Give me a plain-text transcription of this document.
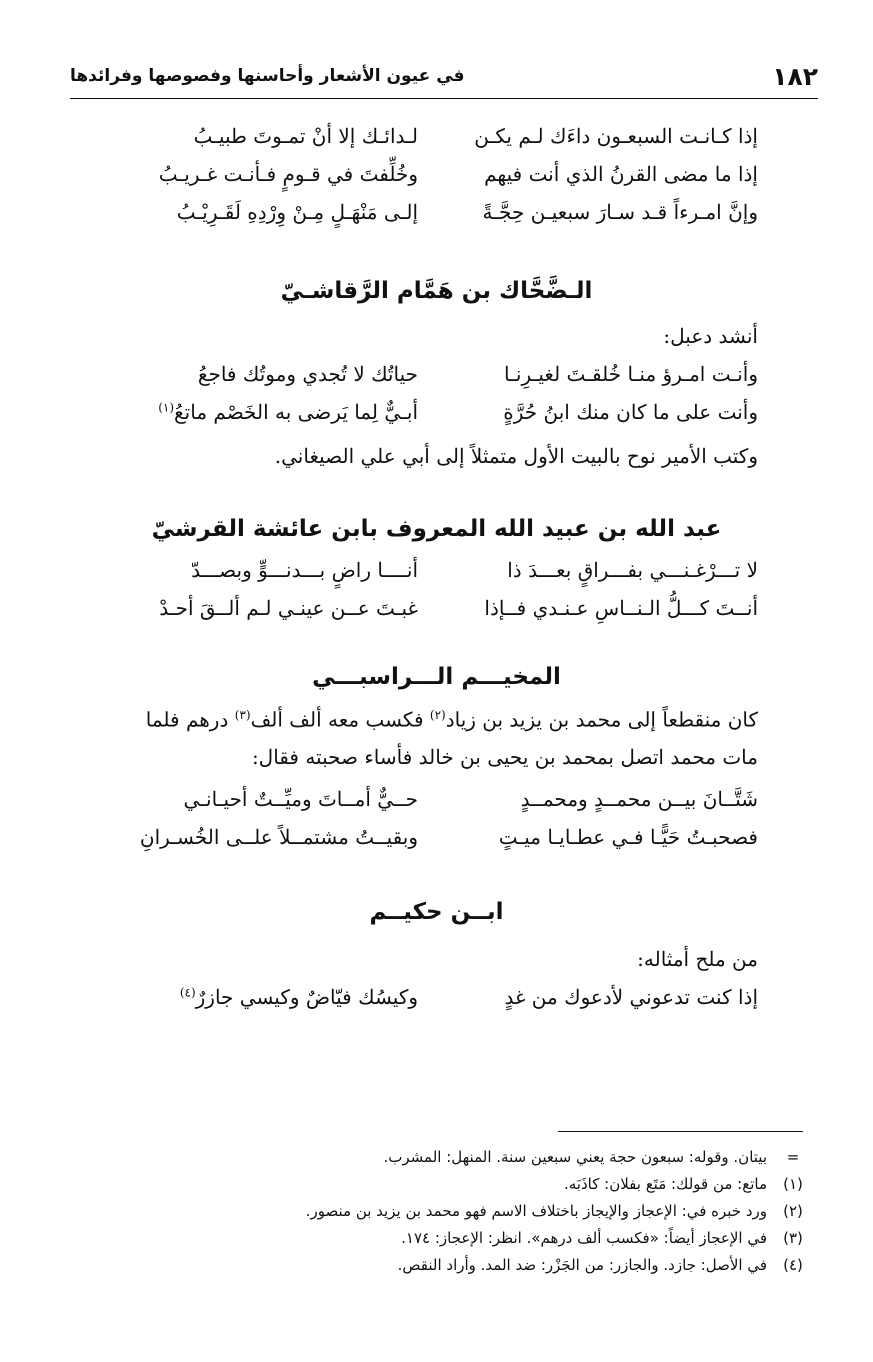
١٨٢
في عيون الأشعار وأحاسنها وفصوصها وفرائدها
إذا كـانـت السبعـون داءَك لـم يكـن
لـدائـك إلا أنْ تمـوتَ طبيـبُ
إذا ما مضى القرنُ الذي أنت فيهم
وخُلِّفتَ في قـومٍ فـأنـت غـريـبُ
وإنَّ امـرءاً قـد سـارَ سبعيـن حِجَّـةً
إلـى مَنْهَـلٍ مِـنْ وِرْدِهِ لَقَـرِيْـبُ
الـضَّحَّاك بن هَمَّام الرَّقاشـيّ
أنشد دعبل:
وأنـت امـرؤ منـا خُلقـتَ لغيـرِنـا
حياتُك لا تُجدي وموتُك فاجعُ
وأنت على ما كان منك ابنُ حُرَّةٍ
أبـيٌّ لِما يَرضى به الخَصْم ماتعُ$^{(١)}$
وكتب الأمير نوح بالبيت الأول متمثلاً إلى أبي علي الصيغاني.
عبد الله بن عبيد الله المعروف بابن عائشة القرشيّ
لا تـــرْغـنـــي بفـــراقٍ بعـــدَ ذا
أنــــا راضٍ بـــدنـــوٍّ وبصـــدّ
أنــتَ كـــلُّ الـنــاسِ عـنـدي فــإذا
غبـتَ عــن عينـي لـم ألــقَ أحـدْ
المخيـــم الـــراسبـــي
كان منقطعاً إلى محمد بن يزيد بن زياد$^{(٢)}$ فكسب معه ألف ألف$^{(٣)}$ درهم فلما
مات محمد اتصل بمحمد بن يحيى بن خالد فأساء صحبته فقال:
شَتَّــانَ بيــن محمــدٍ ومحمــدٍ
حــيٌّ أمــاتَ وميِّــتٌ أحيـانـي
فصحبـتُ حَيًّـا فـي عطـايـا ميـتٍ
وبقيــتُ مشتمــلاً علــى الخُسـرانِ
ابــن حكيــم
من ملح أمثاله:
إذا كنت تدعوني لأدعوك من غدٍ
وكيسُك فيّاضٌ وكيسي جازرٌ$^{(٤)}$
=
بيتان. وقوله: سبعون حجة يعني سبعين سنة. المنهل: المشرب.
(١)
ماتع: من قولك: مَتَع بفلان: كاذَبَه.
(٢)
ورد خبره في: الإعجاز والإيجاز باختلاف الاسم فهو محمد بن يزيد بن منصور.
(٣)
في الإعجاز أيضاً: «فكسب ألف درهم». انظر: الإعجاز: ١٧٤.
(٤)
في الأصل: جازد. والجازر: من الجَزْر: ضد المد. وأراد النقص.
